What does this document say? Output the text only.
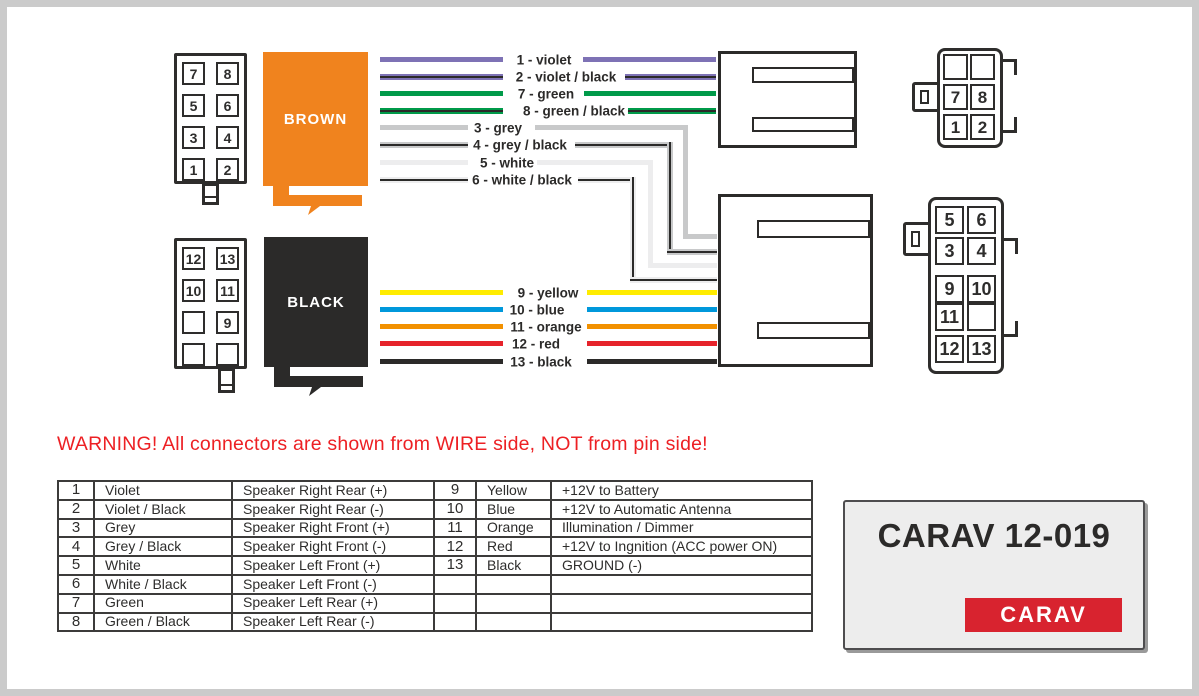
7	8
5	6
3	4
1	2
12 13
10 11
9
BROWN
BLACK
1 - violet
2 - violet / black
7 - green
8 - green / black
3 - grey
4 - grey / black
5 - white
6 - white / black
9 - yellow
10 - blue
11 - orange
12 - red
13 - black
7	8
1	2
5	6
3	4
9 10
11
12 13
WARNING! All connectors are shown from WIRE side, NOT from pin side!
1	Violet	Speaker Right Rear (+)	9	Yellow	+12V to Battery
2	Violet / Black	Speaker Right Rear (-)	10	Blue	+12V to Automatic Antenna
3	Grey	Speaker Right Front (+)	11	Orange	Illumination / Dimmer
4	Grey / Black	Speaker Right Front (-)	12	Red	+12V to Ingnition (ACC power ON)
5	White	Speaker Left Front (+)	13	Black	GROUND (-)
6	White / Black	Speaker Left Front (-)			
7	Green	Speaker Left Rear (+)			
8	Green / Black	Speaker Left Rear (-)			
CARAV 12-019
CARAV
